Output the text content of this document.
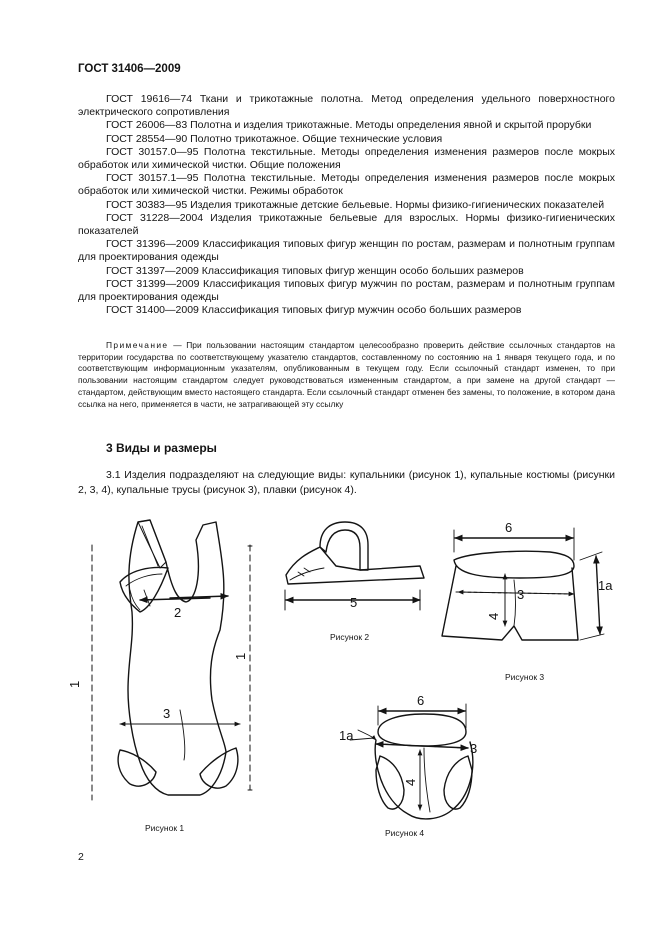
ГОСТ 31406—2009

ГОСТ 19616—74 Ткани и трикотажные полотна. Метод определения удельного поверхностного электрического сопротивления

ГОСТ 26006—83 Полотна и изделия трикотажные. Методы определения явной и скрытой прорубки

ГОСТ 28554—90 Полотно трикотажное. Общие технические условия

ГОСТ 30157.0—95 Полотна текстильные. Методы определения изменения размеров после мокрых обработок или химической чистки. Общие положения

ГОСТ 30157.1—95 Полотна текстильные. Методы определения изменения размеров после мокрых обработок или химической чистки. Режимы обработок

ГОСТ 30383—95 Изделия трикотажные детские бельевые. Нормы физико-гигиенических показателей

ГОСТ 31228—2004 Изделия трикотажные бельевые для взрослых. Нормы физико-гигиенических показателей

ГОСТ 31396—2009 Классификация типовых фигур женщин по ростам, размерам и полнотным группам для проектирования одежды

ГОСТ 31397—2009 Классификация типовых фигур женщин особо больших размеров

ГОСТ 31399—2009 Классификация типовых фигур мужчин по ростам, размерам и полнотным группам для проектирования одежды

ГОСТ 31400—2009 Классификация типовых фигур мужчин особо больших размеров

Примечание — При пользовании настоящим стандартом целесообразно проверить действие ссылочных стандартов на территории государства по соответствующему указателю стандартов, составленному по состоянию на 1 января текущего года, и по соответствующим информационным указателям, опубликованным в текущем году. Если ссылочный стандарт изменен, то при пользовании настоящим стандартом следует руководствоваться измененным стандартом, а при замене на другой стандарт — стандартом, действующим вместо настоящего стандарта. Если ссылочный стандарт отменен без замены, то положение, в котором дана ссылка на него, применяется в части, не затрагивающей эту ссылку

3 Виды и размеры

3.1 Изделия подразделяют на следующие виды: купальники (рисунок 1), купальные костюмы (рисунки 2, 3, 4), купальные трусы (рисунок 3), плавки (рисунок 4).

1
1
2
3
5
6
3
4
1а
6
1а
3
4
Рисунок 1
Рисунок 2
Рисунок 3
Рисунок 4
2
